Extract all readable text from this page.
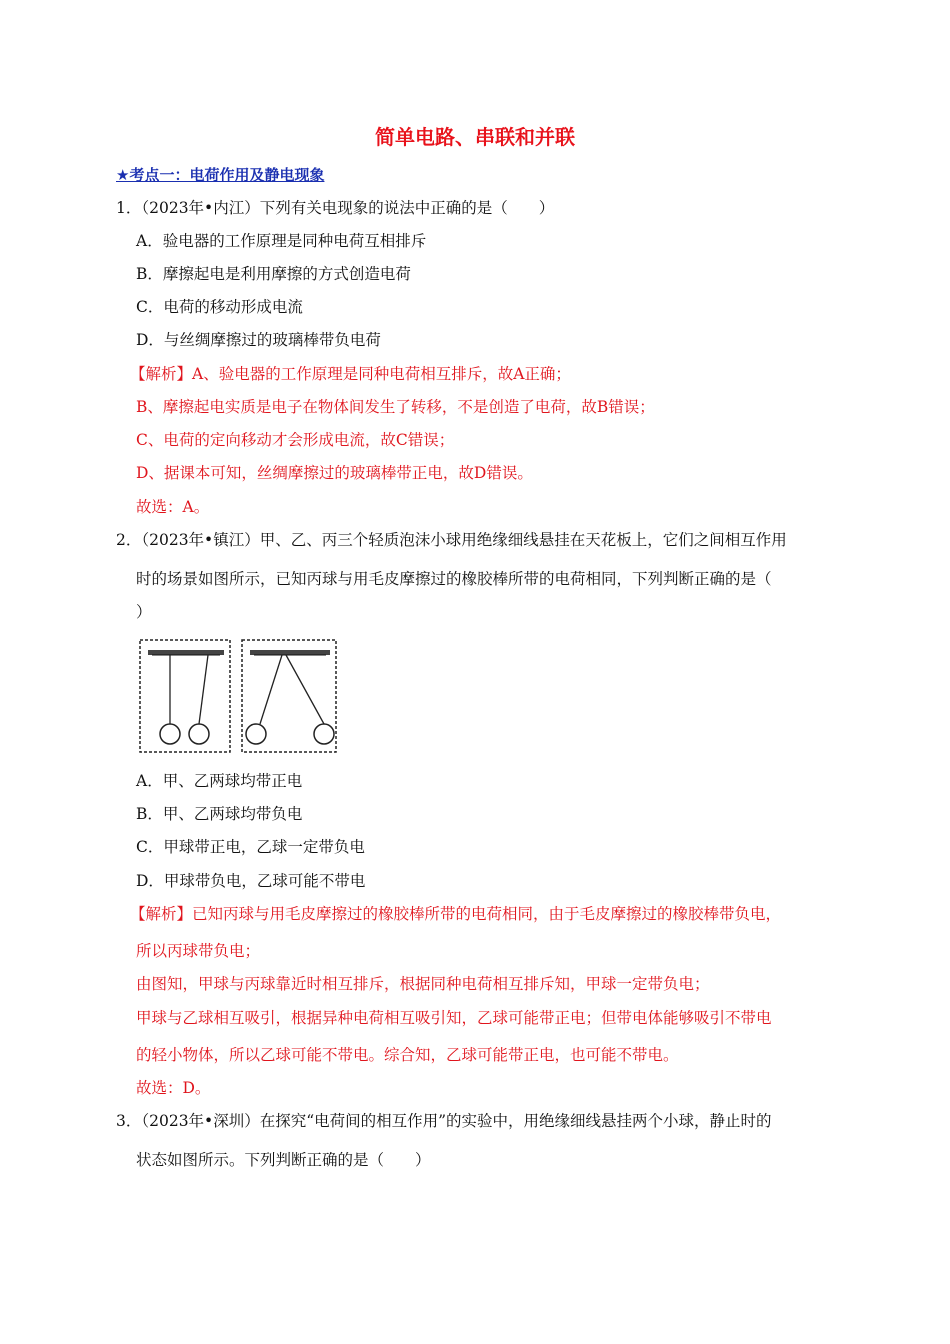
简单电路、串联和并联
★考点一：电荷作用及静电现象
1．（2023年•内江）下列有关电现象的说法中正确的是（　　）
A．验电器的工作原理是同种电荷互相排斥
B．摩擦起电是利用摩擦的方式创造电荷
C．电荷的移动形成电流
D．与丝绸摩擦过的玻璃棒带负电荷
【解析】A、验电器的工作原理是同种电荷相互排斥，故A正确；
B、摩擦起电实质是电子在物体间发生了转移，不是创造了电荷，故B错误；
C、电荷的定向移动才会形成电流，故C错误；
D、据课本可知，丝绸摩擦过的玻璃棒带正电，故D错误。
故选：A。
2．（2023年•镇江）甲、乙、丙三个轻质泡沫小球用绝缘细线悬挂在天花板上，它们之间相互作用
时的场景如图所示，已知丙球与用毛皮摩擦过的橡胶棒所带的电荷相同，下列判断正确的是（
）
A．甲、乙两球均带正电
B．甲、乙两球均带负电
C．甲球带正电，乙球一定带负电
D．甲球带负电，乙球可能不带电
【解析】已知丙球与用毛皮摩擦过的橡胶棒所带的电荷相同，由于毛皮摩擦过的橡胶棒带负电，
所以丙球带负电；
由图知，甲球与丙球靠近时相互排斥，根据同种电荷相互排斥知，甲球一定带负电；
甲球与乙球相互吸引，根据异种电荷相互吸引知，乙球可能带正电；但带电体能够吸引不带电
的轻小物体，所以乙球可能不带电。综合知，乙球可能带正电，也可能不带电。
故选：D。
3．（2023年•深圳）在探究“电荷间的相互作用”的实验中，用绝缘细线悬挂两个小球，静止时的
状态如图所示。下列判断正确的是（　　）
